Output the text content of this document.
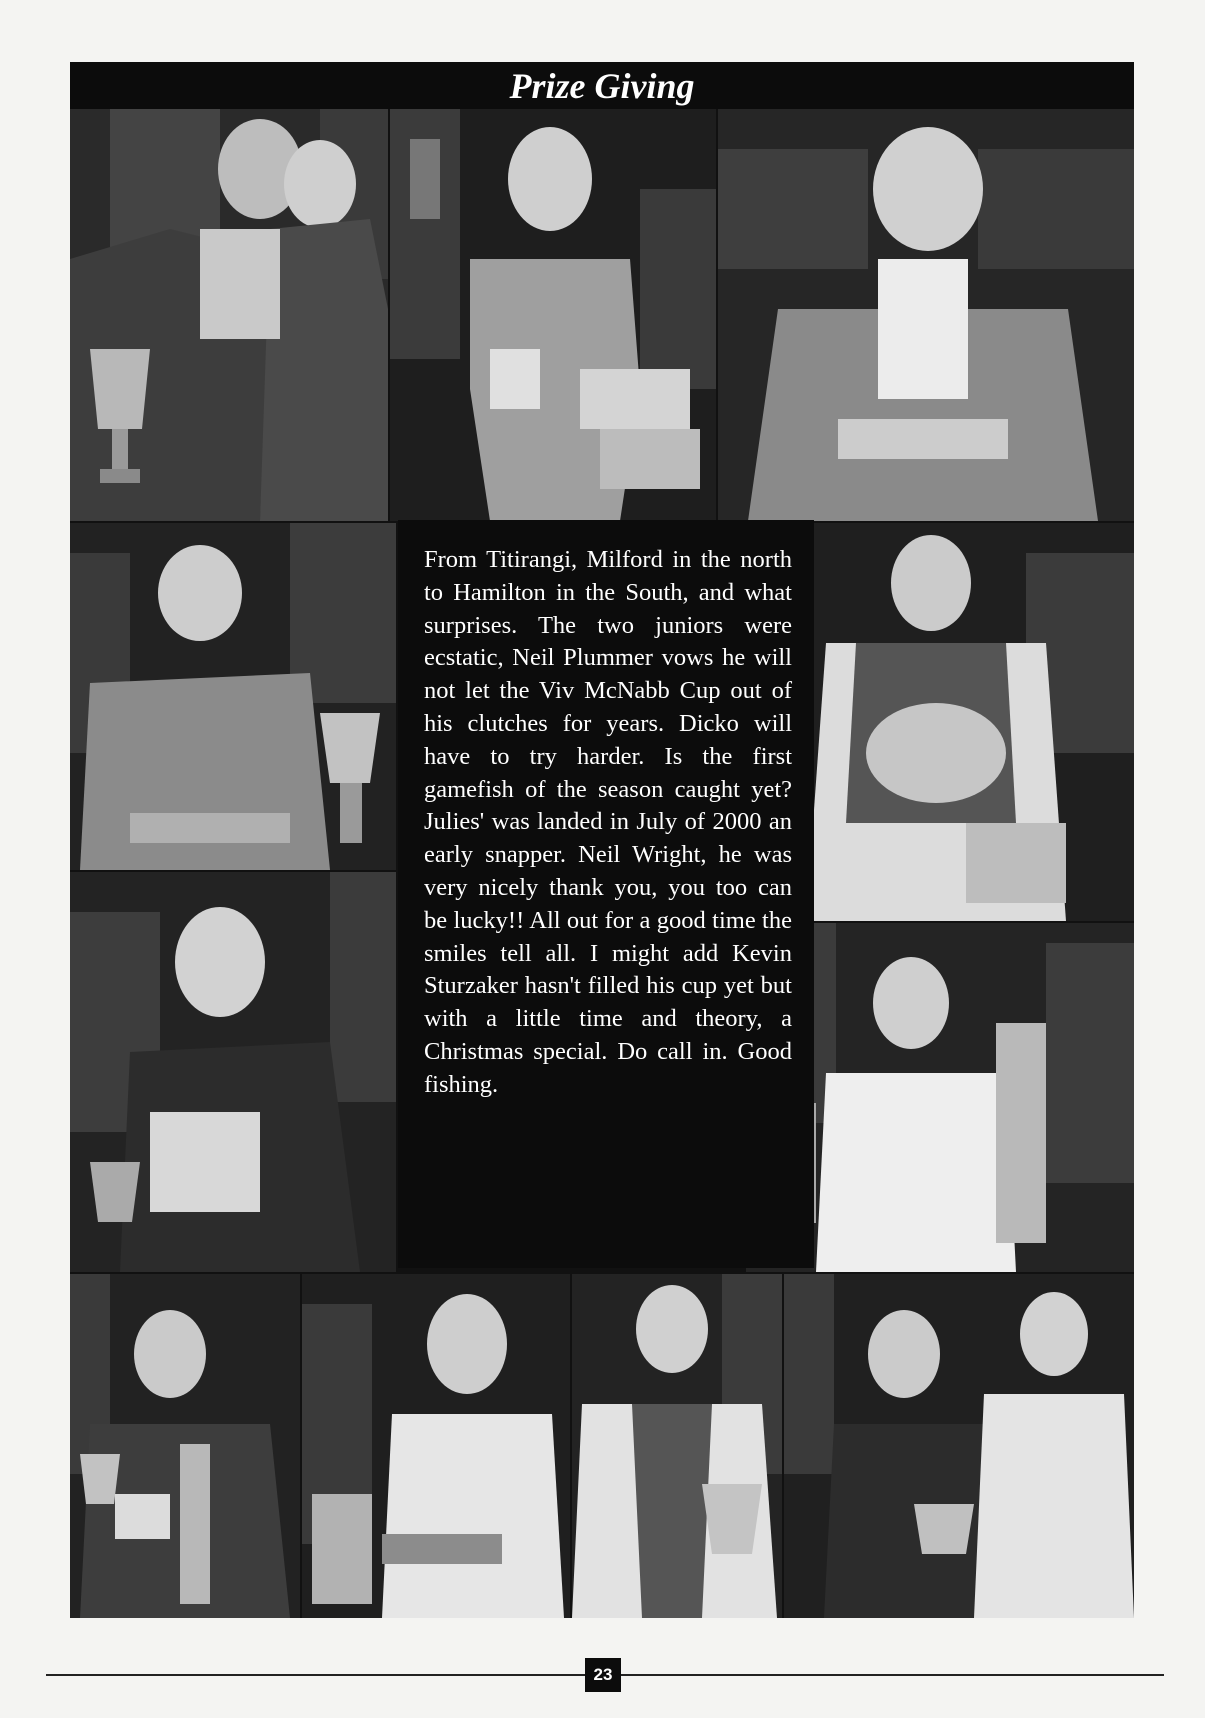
Prize Giving

From Titirangi, Milford in the north to Hamilton in the South, and what surprises. The two juniors were ecstatic, Neil Plummer vows he will not let the Viv McNabb Cup out of his clutches for years. Dicko will have to try harder. Is the first gamefish of the season caught yet? Julies' was landed in July of 2000 an early snapper. Neil Wright, he was very nicely thank you, you too can be lucky!! All out for a good time the smiles tell all. I might add Kevin Sturzaker hasn't filled his cup yet but with a little time and theory, a Christmas special. Do call in. Good fishing.

23
